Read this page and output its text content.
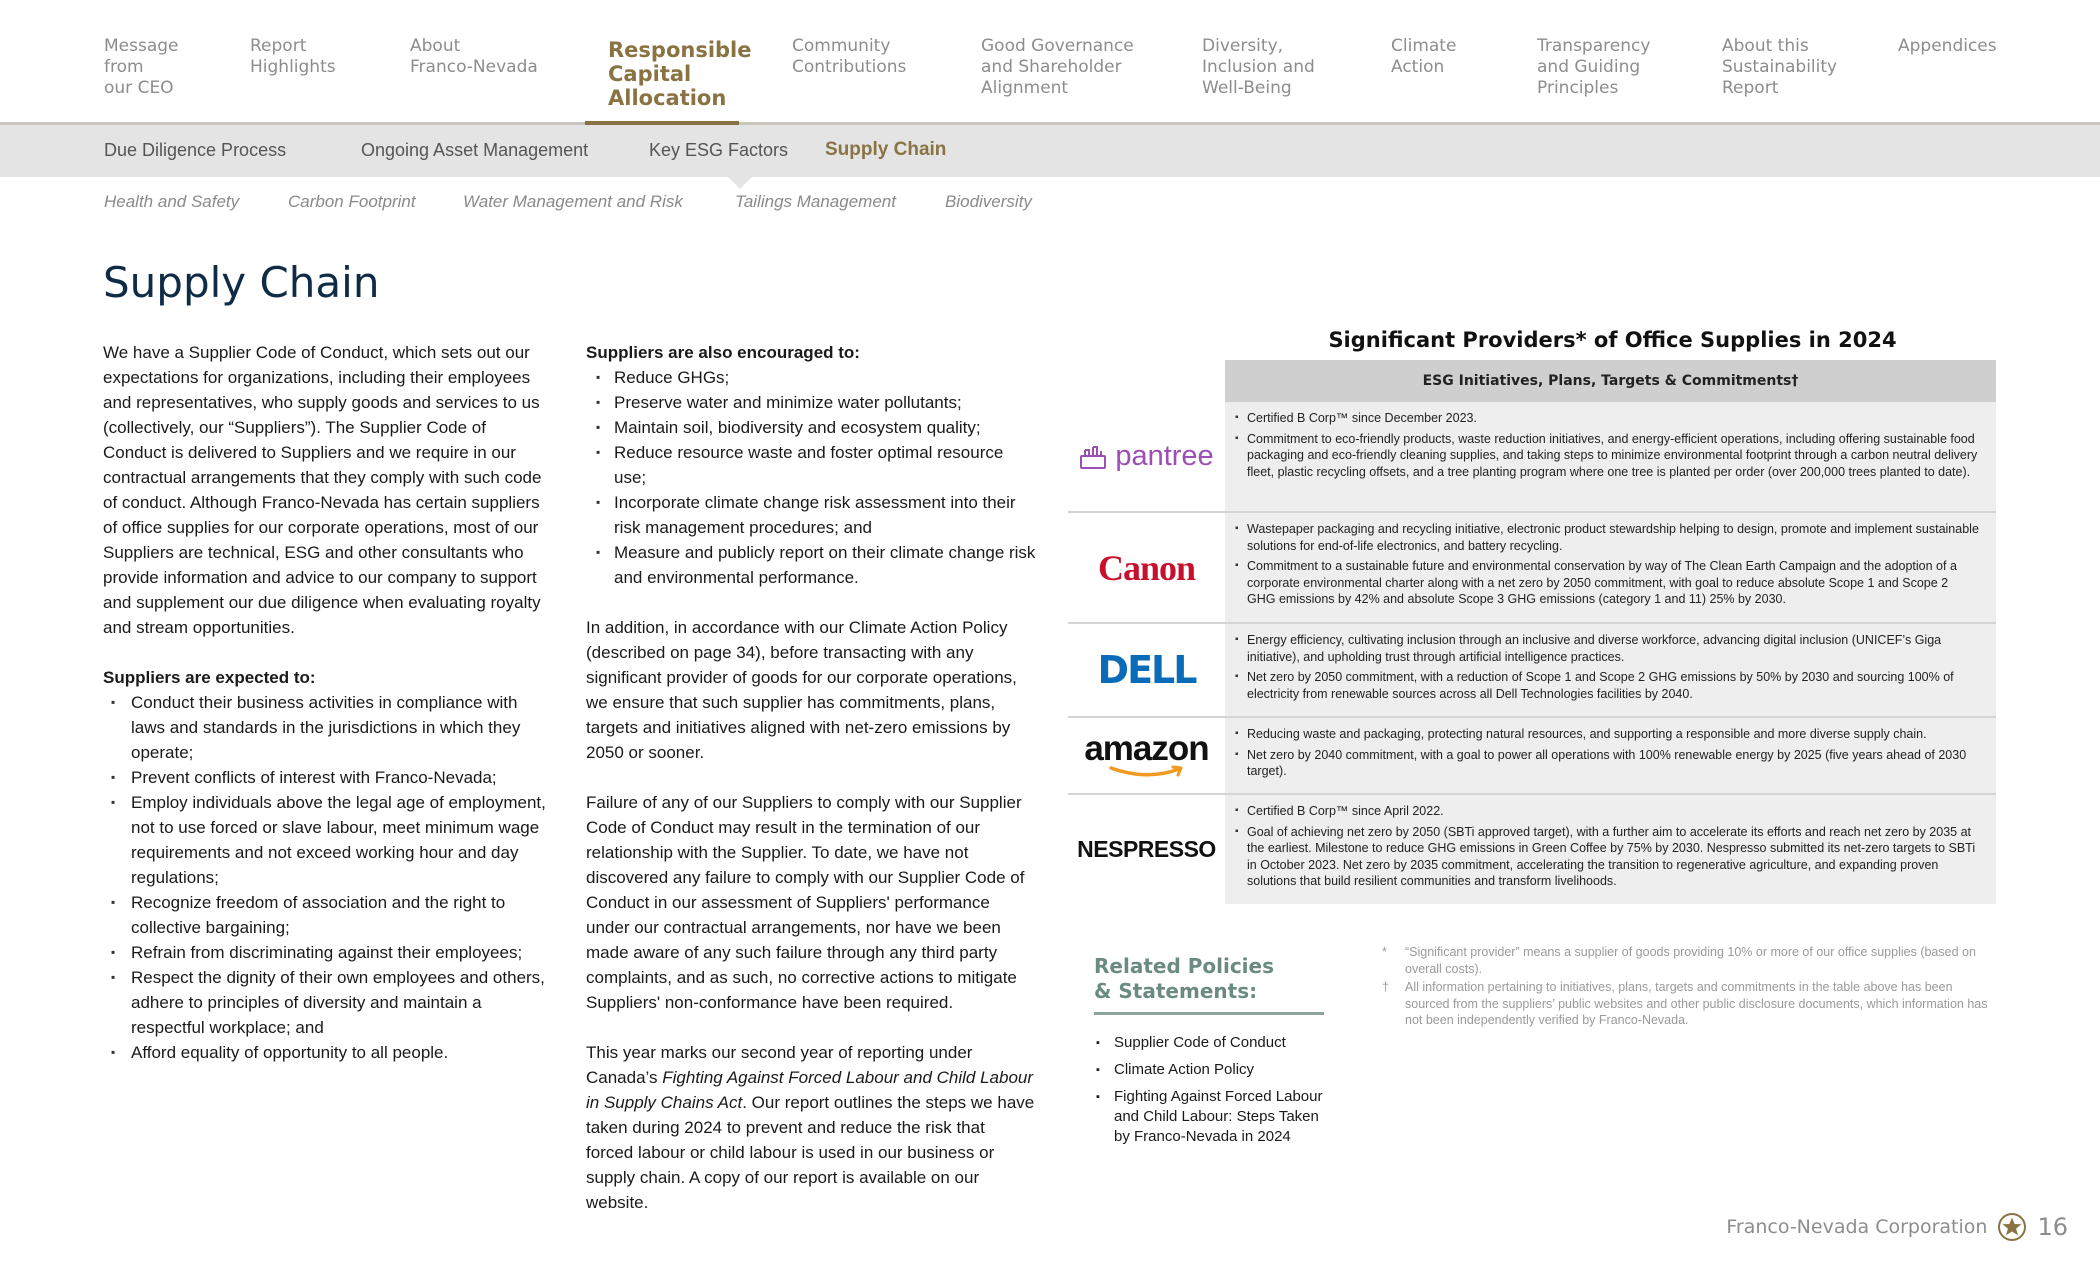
Message
from
our CEO
Report
Highlights
About
Franco-Nevada
Responsible
Capital
Allocation
Community
Contributions
Good Governance
and Shareholder
Alignment
Diversity,
Inclusion and
Well-Being
Climate
Action
Transparency
and Guiding
Principles
About this
Sustainability
Report
Appendices
Due Diligence Process	Ongoing Asset Management	Key ESG Factors Supply Chain
Health and Safety	Carbon Footprint	Water Management and Risk	Tailings Management	Biodiversity
Supply Chain

We have a Supplier Code of Conduct, which sets out our expectations for organizations, including their employees and representatives, who supply goods and services to us (collectively, our “Suppliers”). The Supplier Code of Conduct is delivered to Suppliers and we require in our contractual arrangements that they comply with such code of conduct. Although Franco-Nevada has certain suppliers of office supplies for our corporate operations, most of our Suppliers are technical, ESG and other consultants who provide information and advice to our company to support and supplement our due diligence when evaluating royalty and stream opportunities.

Suppliers are expected to:
▪ Conduct their business activities in compliance with laws and standards in the jurisdictions in which they operate;
▪ Prevent conflicts of interest with Franco-Nevada;
▪ Employ individuals above the legal age of employment, not to use forced or slave labour, meet minimum wage requirements and not exceed working hour and day regulations;
▪ Recognize freedom of association and the right to collective bargaining;
▪ Refrain from discriminating against their employees;
▪ Respect the dignity of their own employees and others, adhere to principles of diversity and maintain a respectful workplace; and
▪ Afford equality of opportunity to all people.
Suppliers are also encouraged to:
▪ Reduce GHGs;
▪ Preserve water and minimize water pollutants;
▪ Maintain soil, biodiversity and ecosystem quality;
▪ Reduce resource waste and foster optimal resource use;
▪ Incorporate climate change risk assessment into their risk management procedures; and
▪ Measure and publicly report on their climate change risk and environmental performance.

In addition, in accordance with our Climate Action Policy (described on page 34), before transacting with any significant provider of goods for our corporate operations, we ensure that such supplier has commitments, plans, targets and initiatives aligned with net-zero emissions by 2050 or sooner.

Failure of any of our Suppliers to comply with our Supplier Code of Conduct may result in the termination of our relationship with the Supplier. To date, we have not discovered any failure to comply with our Supplier Code of Conduct in our assessment of Suppliers' performance under our contractual arrangements, nor have we been made aware of any such failure through any third party complaints, and as such, no corrective actions to mitigate Suppliers' non-conformance have been required.

This year marks our second year of reporting under Canada’s Fighting Against Forced Labour and Child Labour in Supply Chains Act. Our report outlines the steps we have taken during 2024 to prevent and reduce the risk that forced labour or child labour is used in our business or supply chain. A copy of our report is available on our website.

Significant Providers* of Office Supplies in 2024
ESG Initiatives, Plans, Targets & Commitments†
pantree
▪ Certified B Corp™ since December 2023.
▪ Commitment to eco-friendly products, waste reduction initiatives, and energy-efficient operations, including offering sustainable food packaging and eco-friendly cleaning supplies, and taking steps to minimize environmental footprint through a carbon neutral delivery fleet, plastic recycling offsets, and a tree planting program where one tree is planted per order (over 200,000 trees planted to date).
Canon
▪ Wastepaper packaging and recycling initiative, electronic product stewardship helping to design, promote and implement sustainable solutions for end-of-life electronics, and battery recycling.
▪ Commitment to a sustainable future and environmental conservation by way of The Clean Earth Campaign and the adoption of a corporate environmental charter along with a net zero by 2050 commitment, with goal to reduce absolute Scope 1 and Scope 2 GHG emissions by 42% and absolute Scope 3 GHG emissions (category 1 and 11) 25% by 2030.
DELL
▪ Energy efficiency, cultivating inclusion through an inclusive and diverse workforce, advancing digital inclusion (UNICEF’s Giga initiative), and upholding trust through artificial intelligence practices.
▪ Net zero by 2050 commitment, with a reduction of Scope 1 and Scope 2 GHG emissions by 50% by 2030 and sourcing 100% of electricity from renewable sources across all Dell Technologies facilities by 2040.
amazon
▪	Reducing waste and packaging, protecting natural resources, and supporting a responsible and more diverse supply chain.
▪ Net zero by 2040 commitment, with a goal to power all operations with 100% renewable energy by 2025 (five years ahead of 2030 target).
NESPRESSO
▪ Certified B Corp™ since April 2022.
▪ Goal of achieving net zero by 2050 (SBTi approved target), with a further aim to accelerate its efforts and reach net zero by 2035 at the earliest. Milestone to reduce GHG emissions in Green Coffee by 75% by 2030. Nespresso submitted its net-zero targets to SBTi in October 2023. Net zero by 2035 commitment, accelerating the transition to regenerative agriculture, and expanding proven solutions that build resilient communities and transform livelihoods.
Related Policies
& Statements:
▪ Supplier Code of Conduct
▪ Climate Action Policy
▪ Fighting Against Forced Labour and Child Labour: Steps Taken by Franco-Nevada in 2024
* “Significant provider” means a supplier of goods providing 10% or more of our office supplies (based on overall costs).
† All information pertaining to initiatives, plans, targets and commitments in the table above has been sourced from the suppliers’ public websites and other public disclosure documents, which information has not been independently verified by Franco-Nevada.
Franco-Nevada Corporation 16
